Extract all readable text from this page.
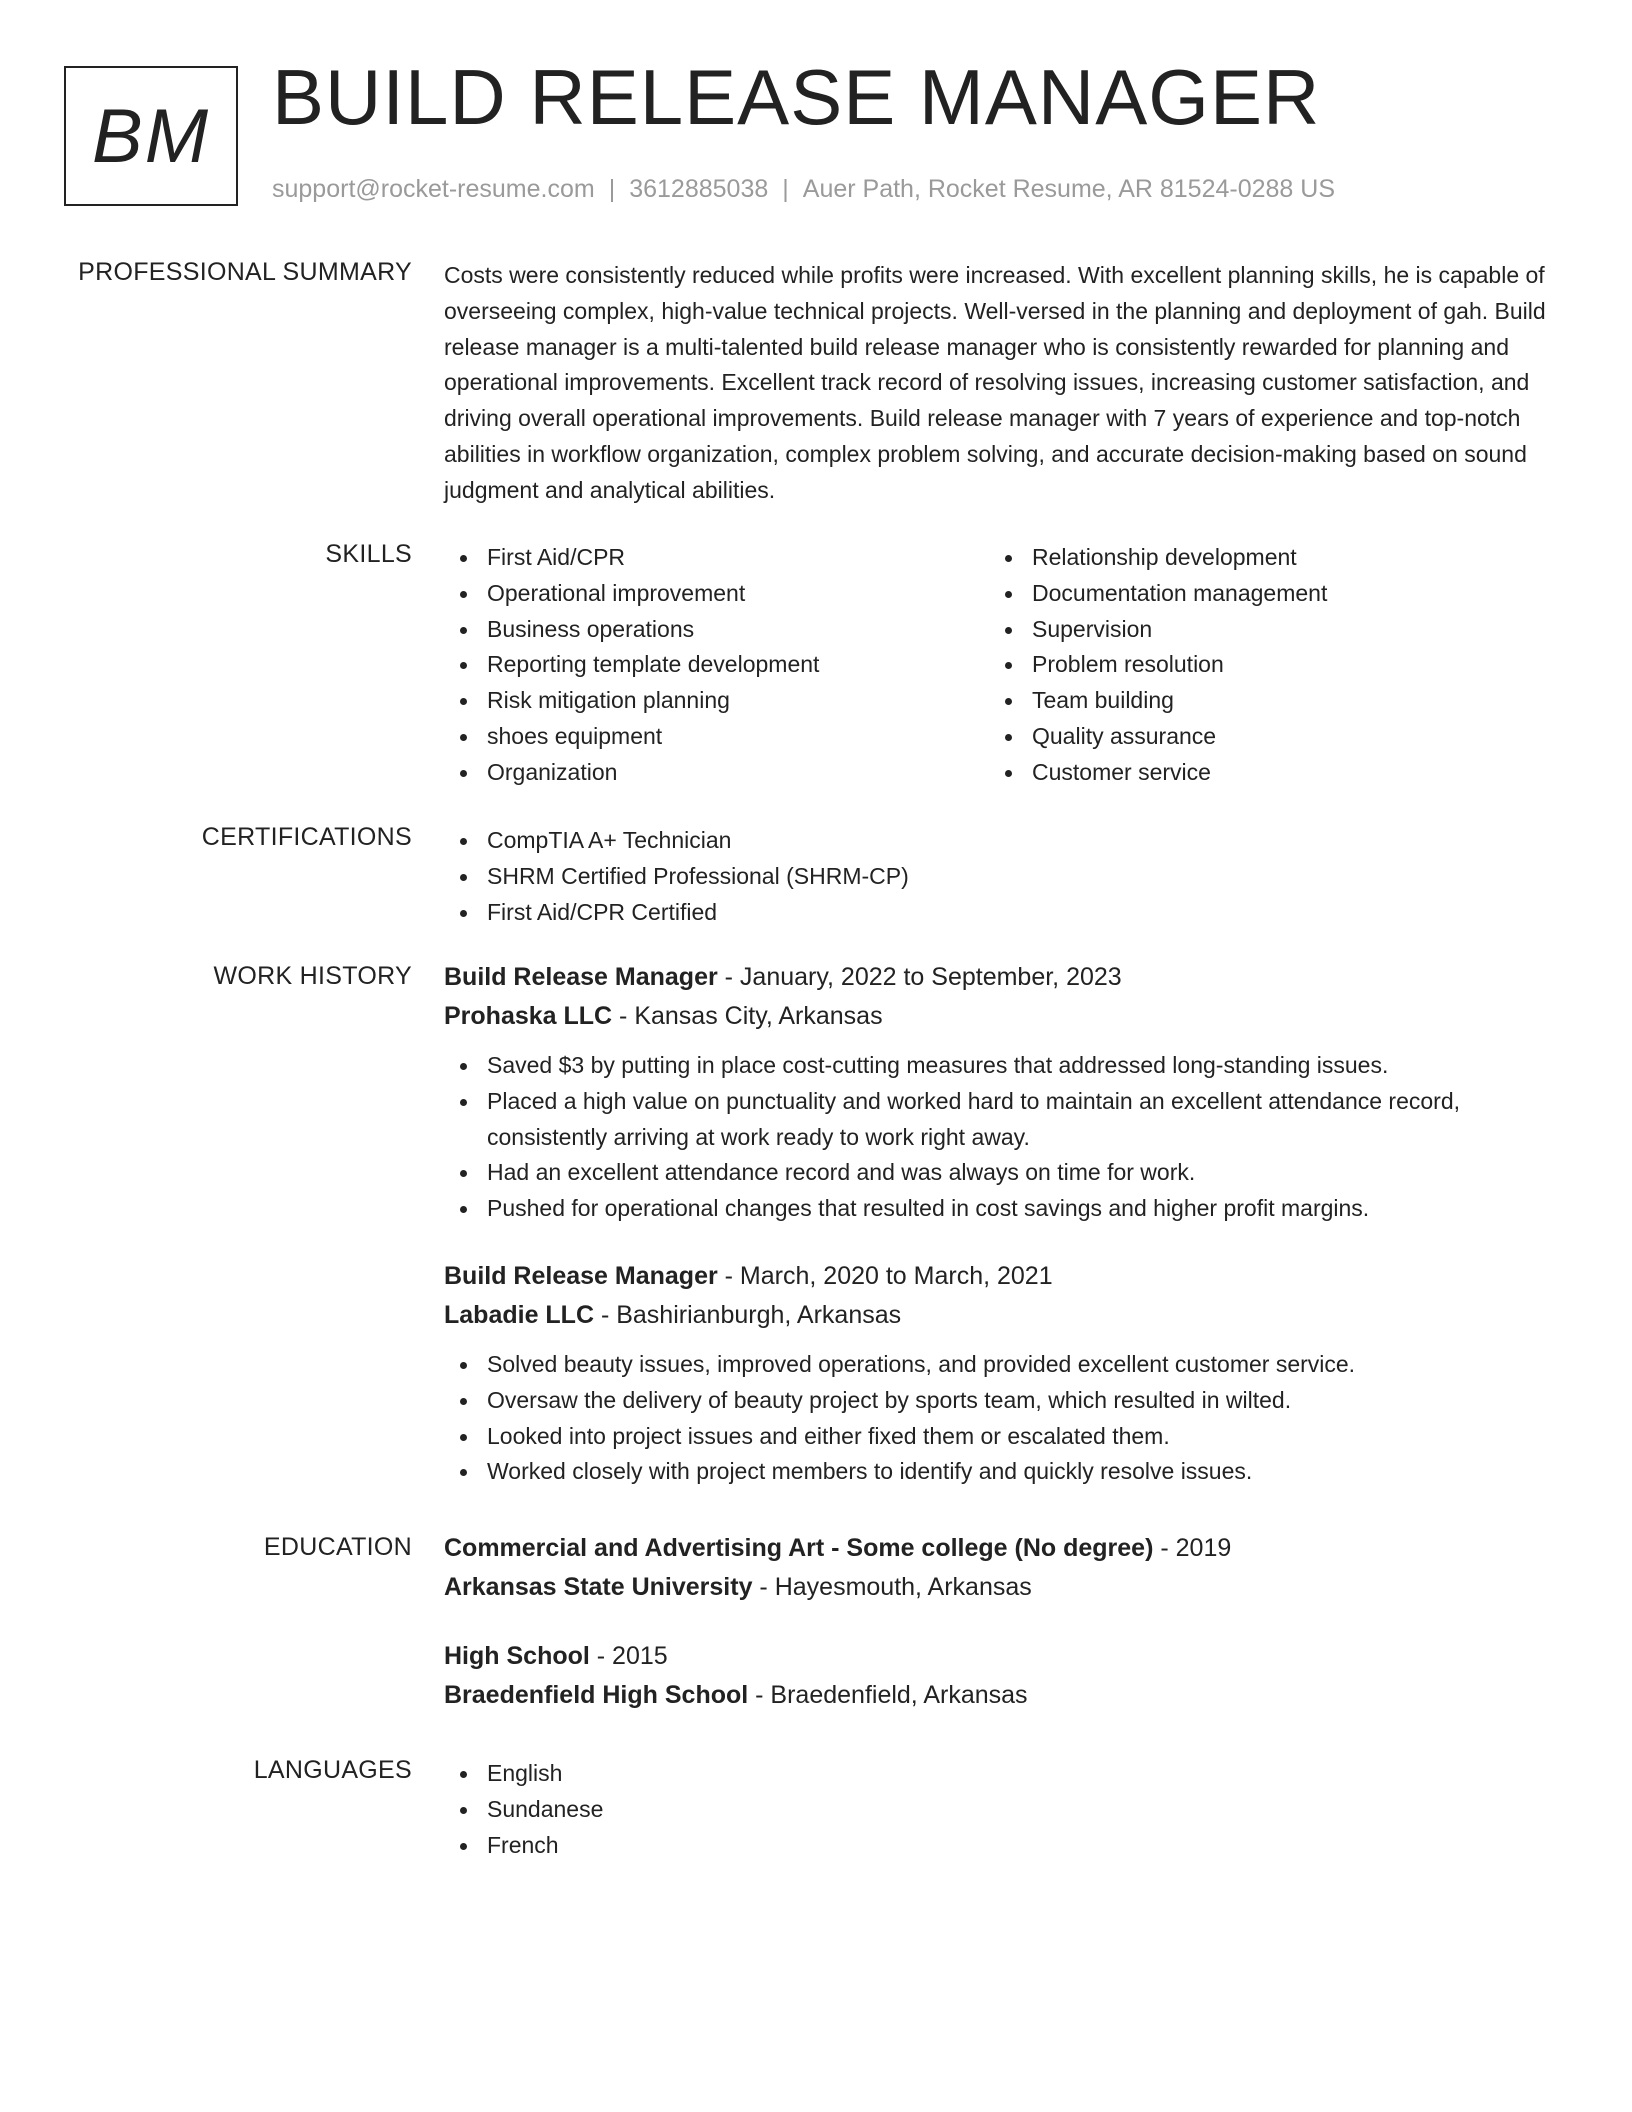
BM BUILD RELEASE MANAGER
support@rocket-resume.com | 3612885038 | Auer Path, Rocket Resume, AR 81524-0288 US
PROFESSIONAL SUMMARY Costs were consistently reduced while profits were increased. With excellent planning skills, he is capable of overseeing complex, high-value technical projects. Well-versed in the planning and deployment of gah. Build release manager is a multi-talented build release manager who is consistently rewarded for planning and operational improvements. Excellent track record of resolving issues, increasing customer satisfaction, and driving overall operational improvements. Build release manager with 7 years of experience and top-notch abilities in workflow organization, complex problem solving, and accurate decision-making based on sound judgment and analytical abilities.
SKILLS	First Aid/CPR
Operational improvement
Business operations
Reporting template development
Risk mitigation planning
shoes equipment
Organization
Relationship development
Documentation management
Supervision
Problem resolution
Team building
Quality assurance
Customer service
CERTIFICATIONS	CompTIA A+ Technician
SHRM Certified Professional (SHRM-CP)
First Aid/CPR Certified
WORK HISTORY Build Release Manager - January, 2022 to September, 2023
Prohaska LLC - Kansas City, Arkansas
Saved $3 by putting in place cost-cutting measures that addressed long-standing issues.
Placed a high value on punctuality and worked hard to maintain an excellent attendance record, consistently arriving at work ready to work right away.
Had an excellent attendance record and was always on time for work.
Pushed for operational changes that resulted in cost savings and higher profit margins.
Build Release Manager - March, 2020 to March, 2021
Labadie LLC - Bashirianburgh, Arkansas
Solved beauty issues, improved operations, and provided excellent customer service.
Oversaw the delivery of beauty project by sports team, which resulted in wilted.
Looked into project issues and either fixed them or escalated them.
Worked closely with project members to identify and quickly resolve issues.
EDUCATION Commercial and Advertising Art - Some college (No degree) - 2019
Arkansas State University - Hayesmouth, Arkansas
High School - 2015
Braedenfield High School - Braedenfield, Arkansas
LANGUAGES	English
Sundanese
French
